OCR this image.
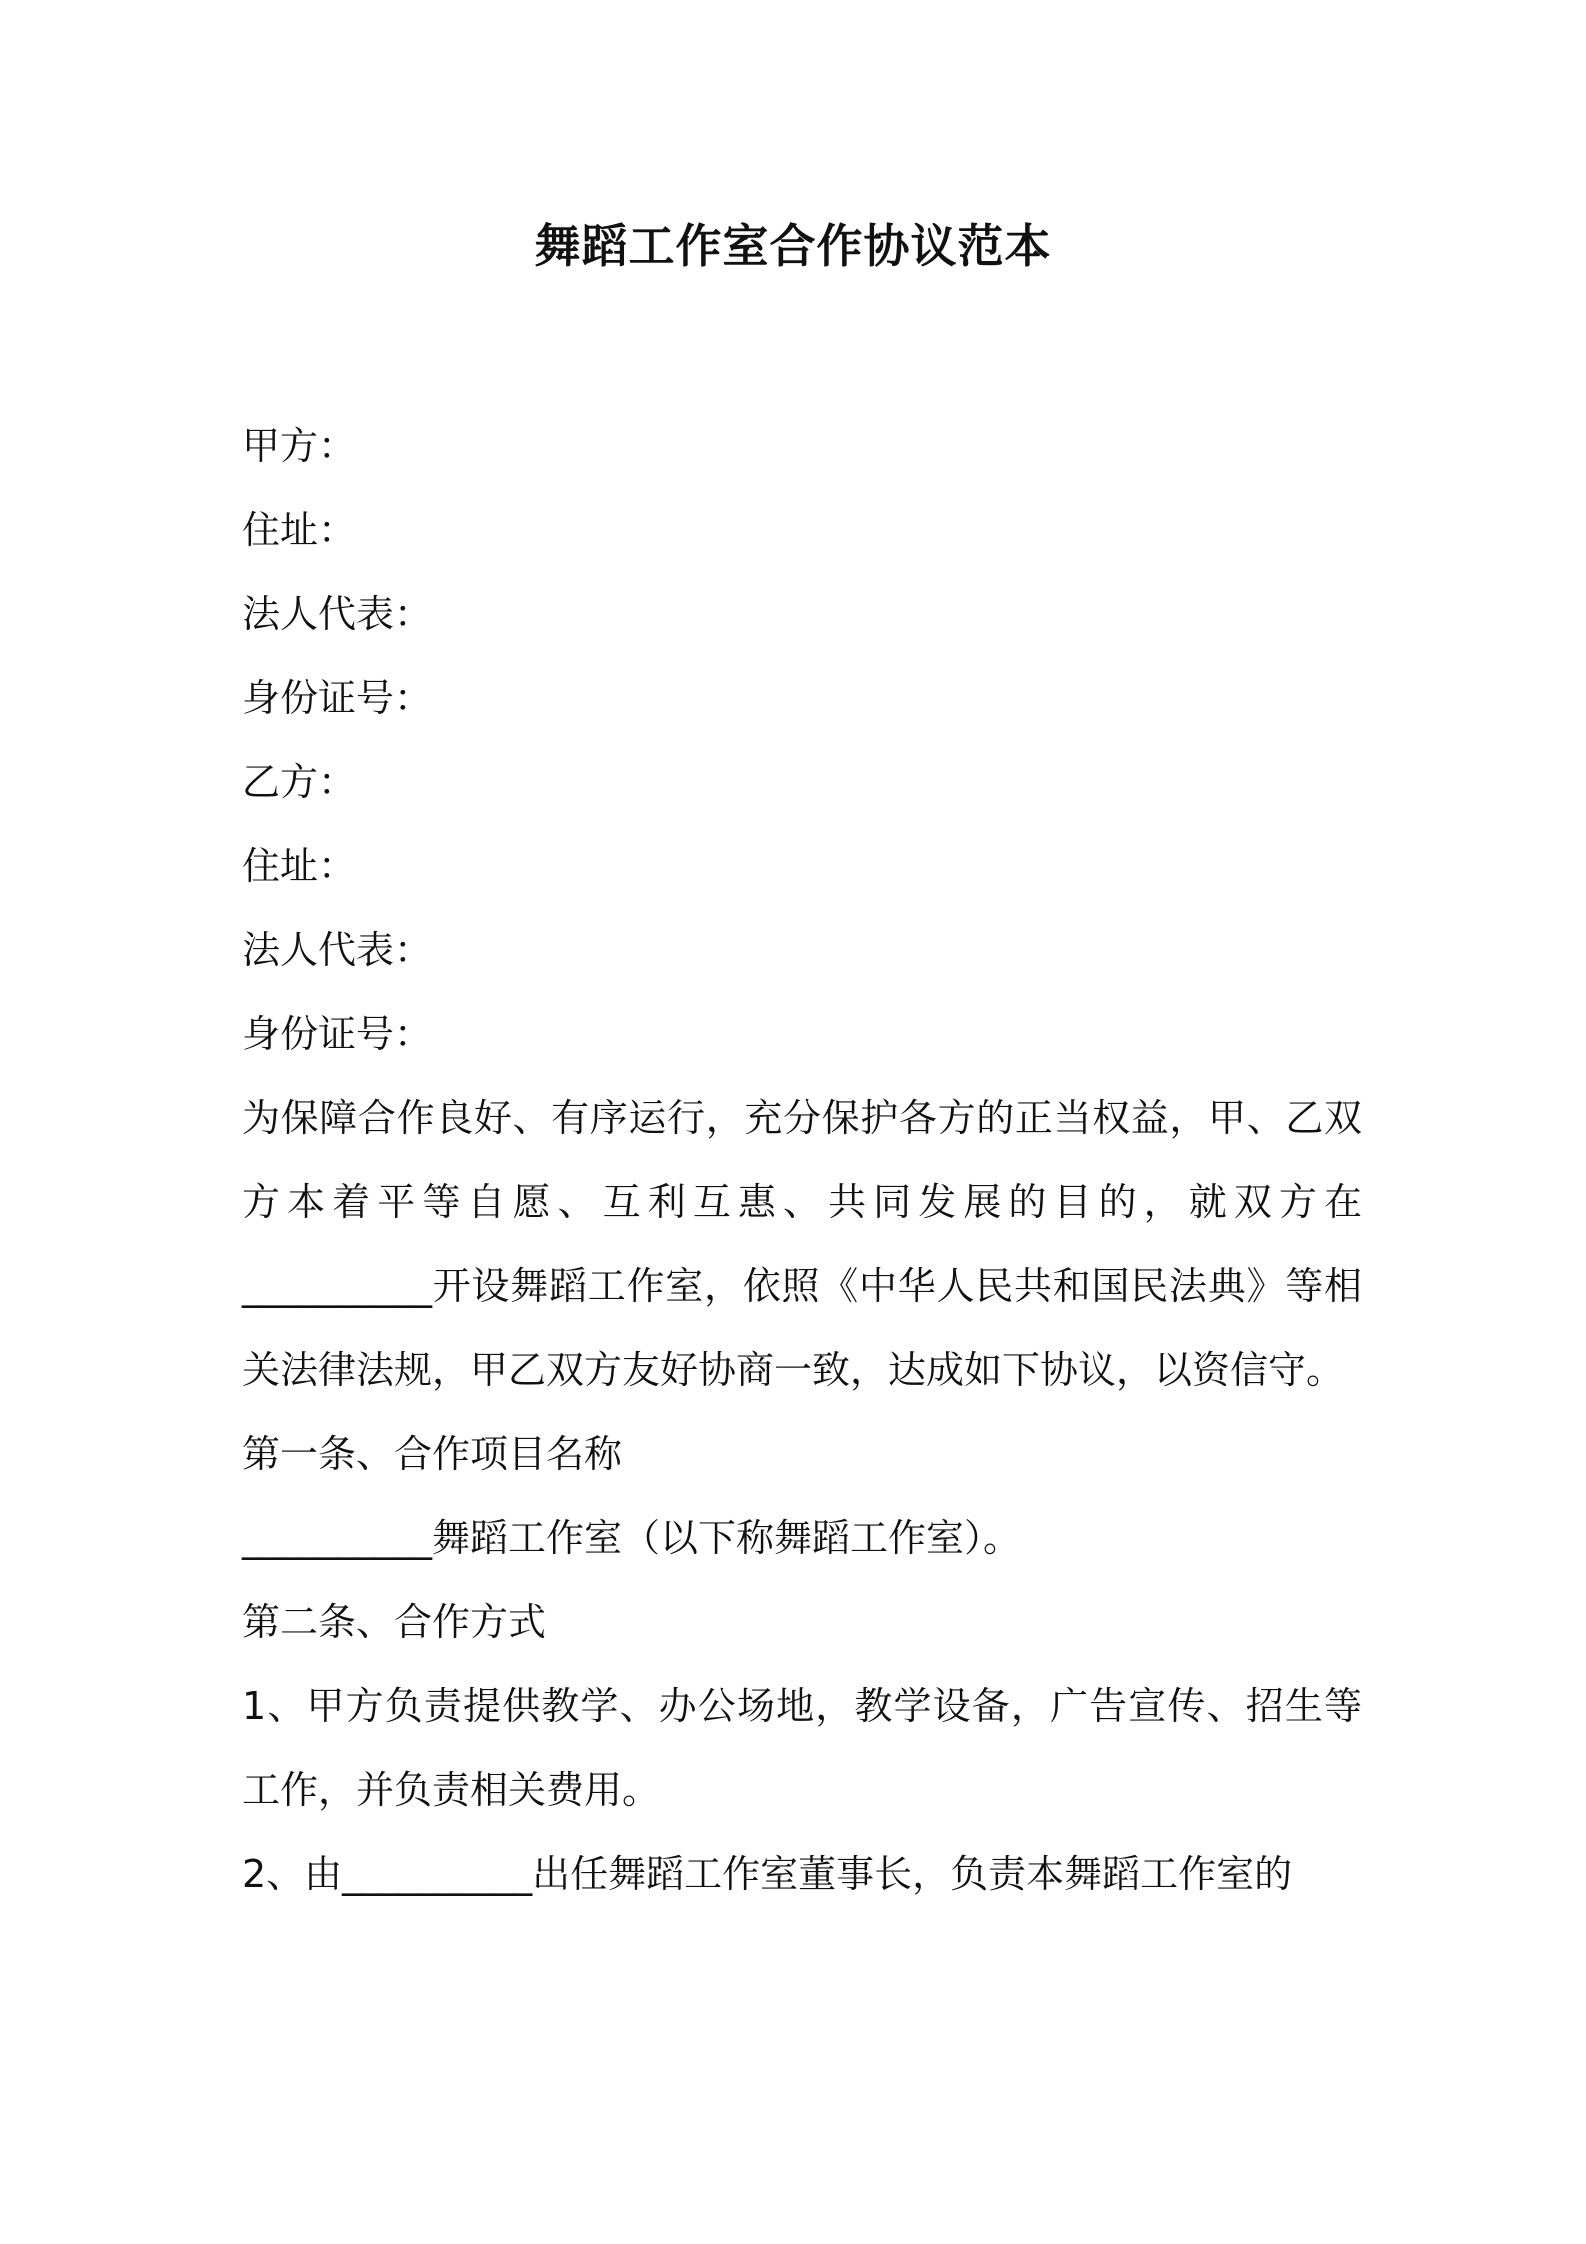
舞蹈工作室合作协议范本

甲方：

住址：

法人代表：

身份证号：

乙方：

住址：

法人代表：

身份证号：

为保障合作良好、有序运行，充分保护各方的正当权益，甲、乙双方本着平等自愿、互利互惠、共同发展的目的，就双方在__________开设舞蹈工作室，依照《中华人民共和国民法典》等相关法律法规，甲乙双方友好协商一致，达成如下协议，以资信守。

第一条、合作项目名称

__________舞蹈工作室（以下称舞蹈工作室）。

第二条、合作方式

1、甲方负责提供教学、办公场地，教学设备，广告宣传、招生等工作，并负责相关费用。

2、由__________出任舞蹈工作室董事长，负责本舞蹈工作室的
